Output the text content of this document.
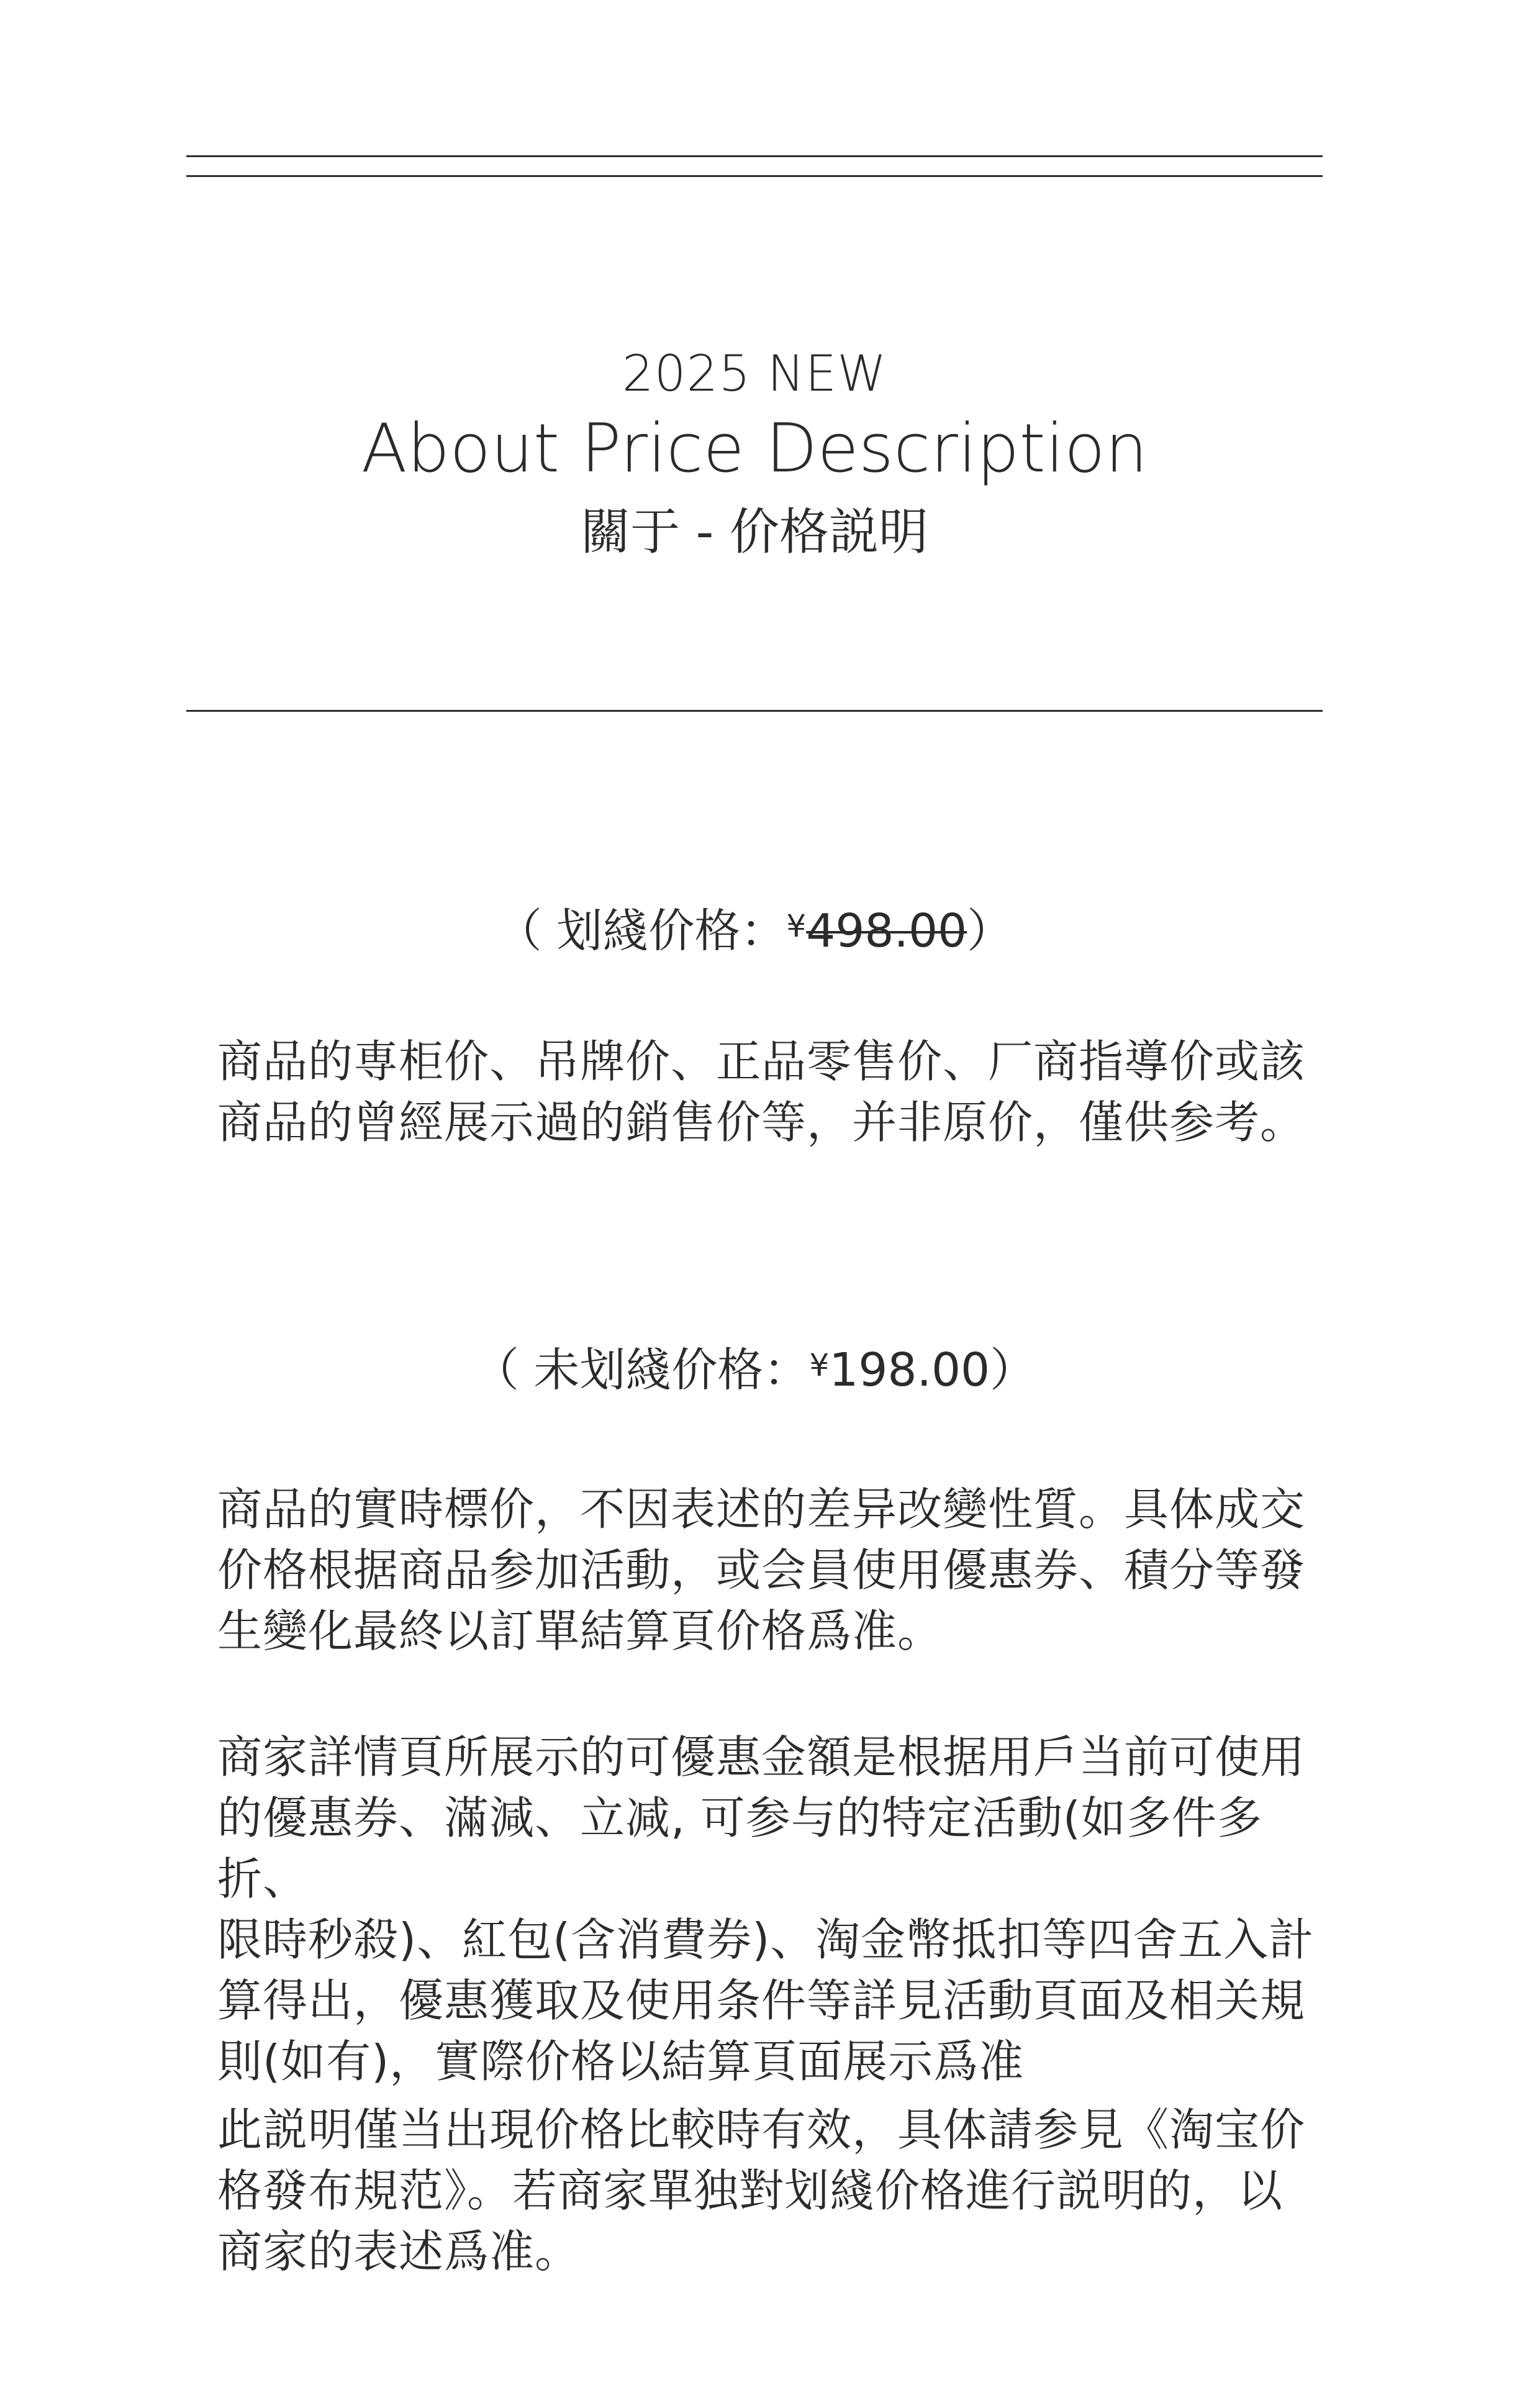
2025 NEW
About Price Description
關于 - 价格説明
（ 划綫价格：¥498.00）
商品的専柜价、吊牌价、正品零售价、厂商指導价或該
商品的曾經展示過的銷售价等，并非原价，僅供参考。
（ 未划綫价格：¥198.00）
商品的實時標价，不因表述的差异改變性質。具体成交
价格根据商品参加活動，或会員使用優惠券、積分等發
生變化最終以訂單結算頁价格爲准。
商家詳情頁所展示的可優惠金額是根据用戶当前可使用
的優惠券、滿減、立减, 可参与的特定活動(如多件多折、
限時秒殺)、紅包(含消費券)、淘金幣抵扣等四舍五入計
算得出，優惠獲取及使用条件等詳見活動頁面及相关規
則(如有)，實際价格以結算頁面展示爲准
此説明僅当出現价格比較時有效，具体請参見《淘宝价
格發布規范》。若商家單独對划綫价格進行説明的，以
商家的表述爲准。
